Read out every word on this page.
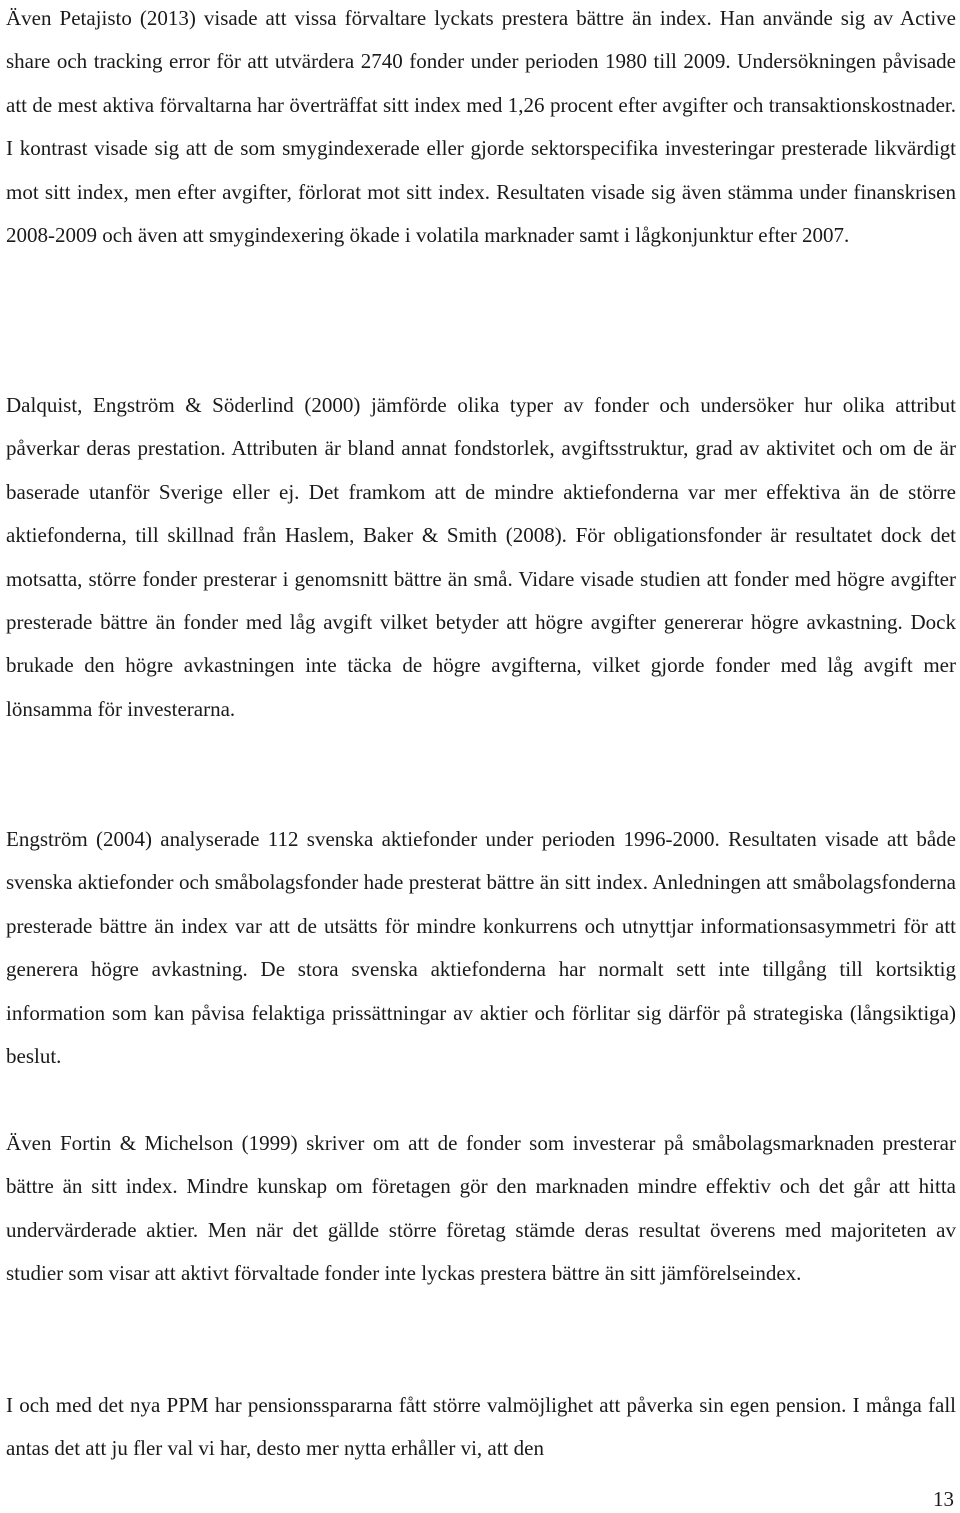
Även Petajisto (2013) visade att vissa förvaltare lyckats prestera bättre än index. Han använde sig av Active share och tracking error för att utvärdera 2740 fonder under perioden 1980 till 2009. Undersökningen påvisade att de mest aktiva förvaltarna har överträffat sitt index med 1,26 procent efter avgifter och transaktionskostnader. I kontrast visade sig att de som smygindexerade eller gjorde sektorspecifika investeringar presterade likvärdigt mot sitt index, men efter avgifter, förlorat mot sitt index. Resultaten visade sig även stämma under finanskrisen 2008-2009 och även att smygindexering ökade i volatila marknader samt i lågkonjunktur efter 2007.

Dalquist, Engström & Söderlind (2000) jämförde olika typer av fonder och undersöker hur olika attribut påverkar deras prestation. Attributen är bland annat fondstorlek, avgiftsstruktur, grad av aktivitet och om de är baserade utanför Sverige eller ej. Det framkom att de mindre aktiefonderna var mer effektiva än de större aktiefonderna, till skillnad från Haslem, Baker & Smith (2008). För obligationsfonder är resultatet dock det motsatta, större fonder presterar i genomsnitt bättre än små. Vidare visade studien att fonder med högre avgifter presterade bättre än fonder med låg avgift vilket betyder att högre avgifter genererar högre avkastning. Dock brukade den högre avkastningen inte täcka de högre avgifterna, vilket gjorde fonder med låg avgift mer lönsamma för investerarna.

Engström (2004) analyserade 112 svenska aktiefonder under perioden 1996-2000. Resultaten visade att både svenska aktiefonder och småbolagsfonder hade presterat bättre än sitt index. Anledningen att småbolagsfonderna presterade bättre än index var att de utsätts för mindre konkurrens och utnyttjar informationsasymmetri för att generera högre avkastning. De stora svenska aktiefonderna har normalt sett inte tillgång till kortsiktig information som kan påvisa felaktiga prissättningar av aktier och förlitar sig därför på strategiska (långsiktiga) beslut.

Även Fortin & Michelson (1999) skriver om att de fonder som investerar på småbolagsmarknaden presterar bättre än sitt index. Mindre kunskap om företagen gör den marknaden mindre effektiv och det går att hitta undervärderade aktier. Men när det gällde större företag stämde deras resultat överens med majoriteten av studier som visar att aktivt förvaltade fonder inte lyckas prestera bättre än sitt jämförelseindex.

I och med det nya PPM har pensionsspararna fått större valmöjlighet att påverka sin egen pension. I många fall antas det att ju fler val vi har, desto mer nytta erhåller vi, att den

13
